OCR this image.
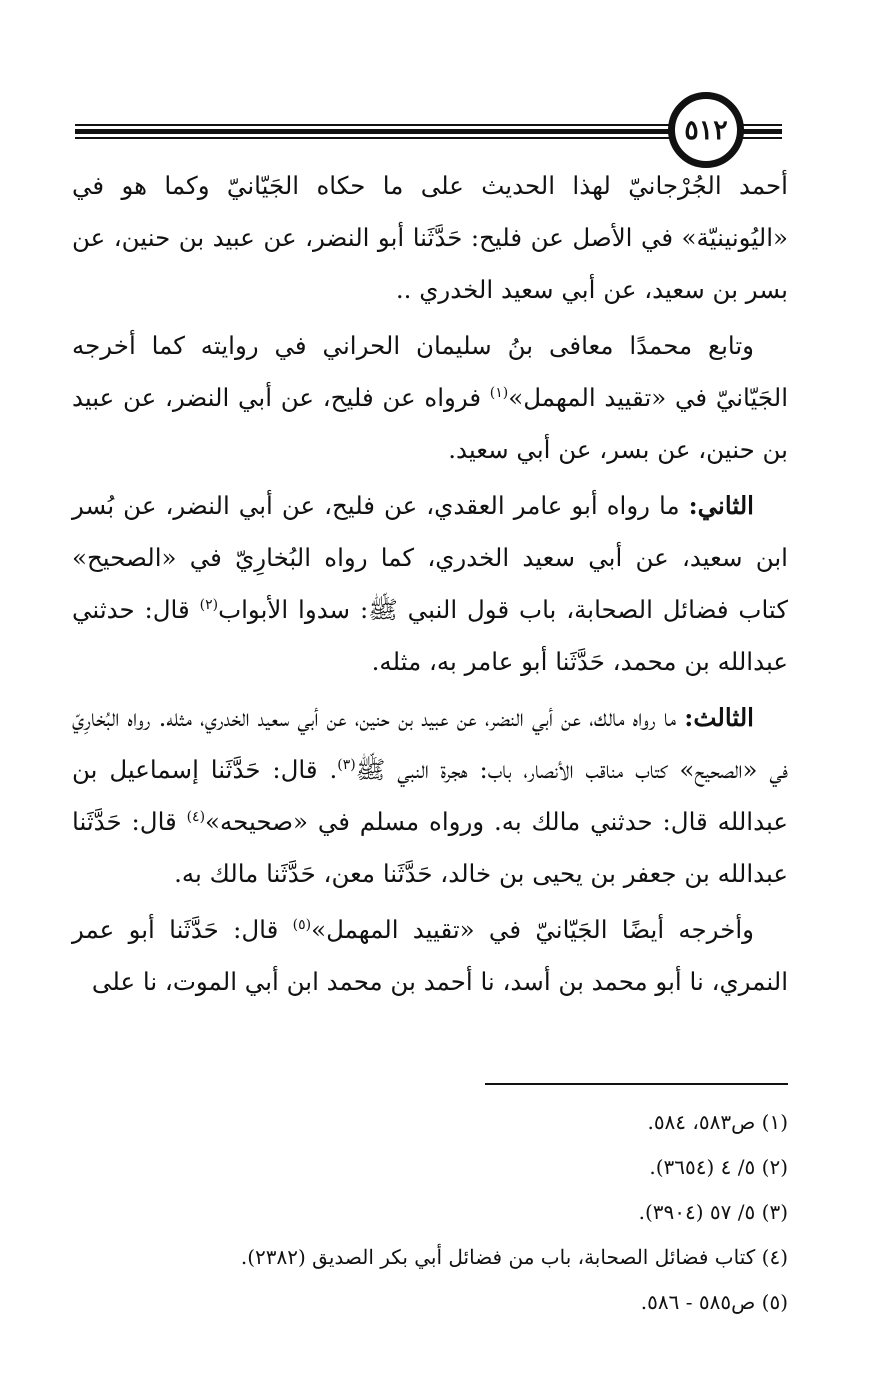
٥١٢

أحمد الجُرْجانيّ لهذا الحديث على ما حكاه الجَيّانيّ وكما هو في «اليُونينيّة» في الأصل عن فليح: حَدَّثَنا أبو النضر، عن عبيد بن حنين، عن بسر بن سعيد، عن أبي سعيد الخدري ..

وتابع محمدًا معافى بنُ سليمان الحراني في روايته كما أخرجه الجَيّانيّ في «تقييد المهمل»$^{(١)}$ فرواه عن فليح، عن أبي النضر، عن عبيد بن حنين، عن بسر، عن أبي سعيد.

الثاني: ما رواه أبو عامر العقدي، عن فليح، عن أبي النضر، عن بُسر ابن سعيد، عن أبي سعيد الخدري، كما رواه البُخارِيّ في «الصحيح» كتاب فضائل الصحابة، باب قول النبي ﷺ: سدوا الأبواب$^{(٢)}$ قال: حدثني عبدالله بن محمد، حَدَّثَنا أبو عامر به، مثله.

الثالث: ما رواه مالك، عن أبي النضر، عن عبيد بن حنين، عن أبي سعيد الخدري، مثله. رواه البُخارِيّ في «الصحيح» كتاب مناقب الأنصار، باب: هجرة النبي ﷺ$^{(٣)}$. قال: حَدَّثَنا إسماعيل بن عبدالله قال: حدثني مالك به. ورواه مسلم في «صحيحه»$^{(٤)}$ قال: حَدَّثَنا عبدالله بن جعفر بن يحيى بن خالد، حَدَّثَنا معن، حَدَّثَنا مالك به.

وأخرجه أيضًا الجَيّانيّ في «تقييد المهمل»$^{(٥)}$ قال: حَدَّثَنا أبو عمر النمري، نا أبو محمد بن أسد، نا أحمد بن محمد ابن أبي الموت، نا على

(١) ص٥٨٣، ٥٨٤.

(٢) ٥/ ٤ (٣٦٥٤).

(٣) ٥/ ٥٧ (٣٩٠٤).

(٤) كتاب فضائل الصحابة، باب من فضائل أبي بكر الصديق (٢٣٨٢).

(٥) ص٥٨٥ - ٥٨٦.
